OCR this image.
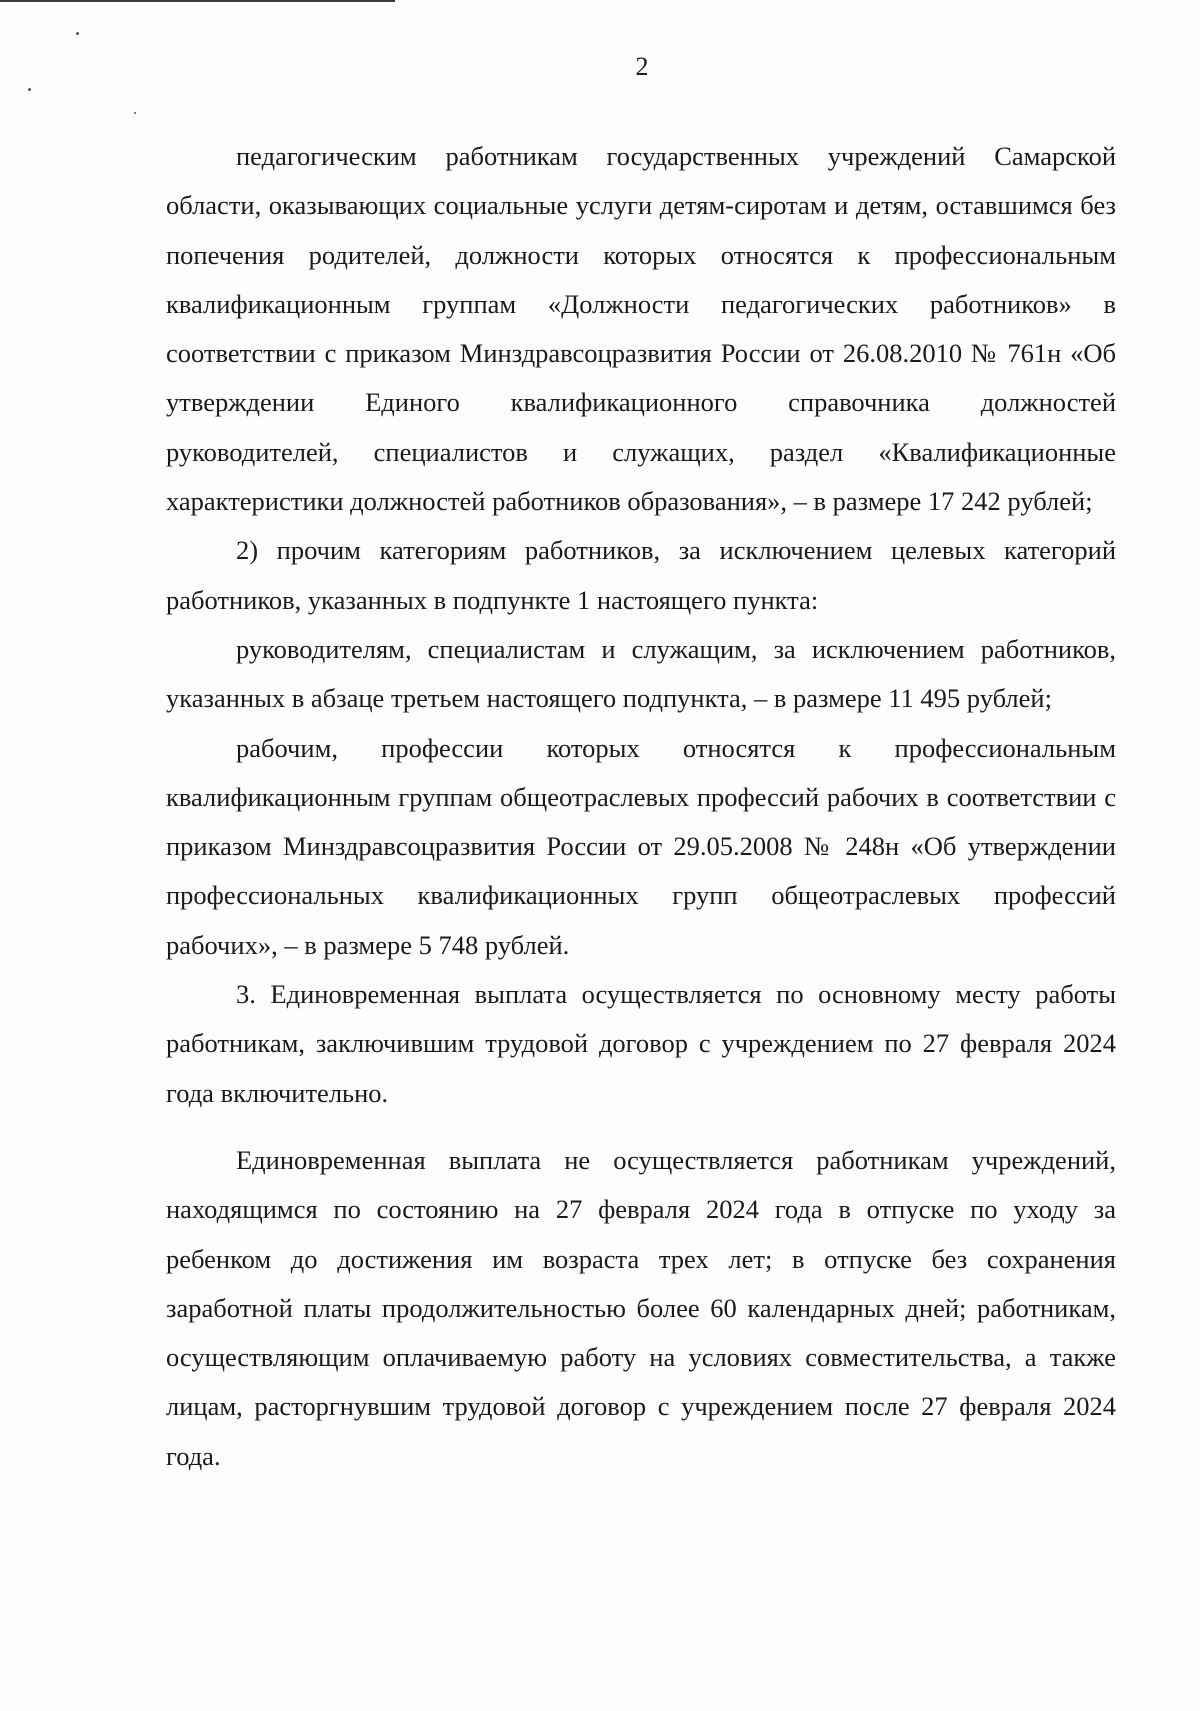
2

педагогическим работникам государственных учреждений Самарской области, оказывающих социальные услуги детям-сиротам и детям, оставшимся без попечения родителей, должности которых относятся к профессиональным квалификационным группам «Должности педагогических работников» в соответствии с приказом Минздравсоцразвития России от 26.08.2010 № 761н «Об утверждении Единого квалификационного справочника должностей руководителей, специалистов и служащих, раздел «Квалификационные характеристики должностей работников образования», – в размере 17 242 рублей;

2) прочим категориям работников, за исключением целевых категорий работников, указанных в подпункте 1 настоящего пункта:

руководителям, специалистам и служащим, за исключением работников, указанных в абзаце третьем настоящего подпункта, – в размере 11 495 рублей;

рабочим, профессии которых относятся к профессиональным квалификационным группам общеотраслевых профессий рабочих в соответствии с приказом Минздравсоцразвития России от 29.05.2008 № 248н «Об утверждении профессиональных квалификационных групп общеотраслевых профессий рабочих», – в размере 5 748 рублей.

3. Единовременная выплата осуществляется по основному месту работы работникам, заключившим трудовой договор с учреждением по 27 февраля 2024 года включительно.

Единовременная выплата не осуществляется работникам учреждений, находящимся по состоянию на 27 февраля 2024 года в отпуске по уходу за ребенком до достижения им возраста трех лет; в отпуске без сохранения заработной платы продолжительностью более 60 календарных дней; работникам, осуществляющим оплачиваемую работу на условиях совместительства, а также лицам, расторгнувшим трудовой договор с учреждением после 27 февраля 2024 года.
